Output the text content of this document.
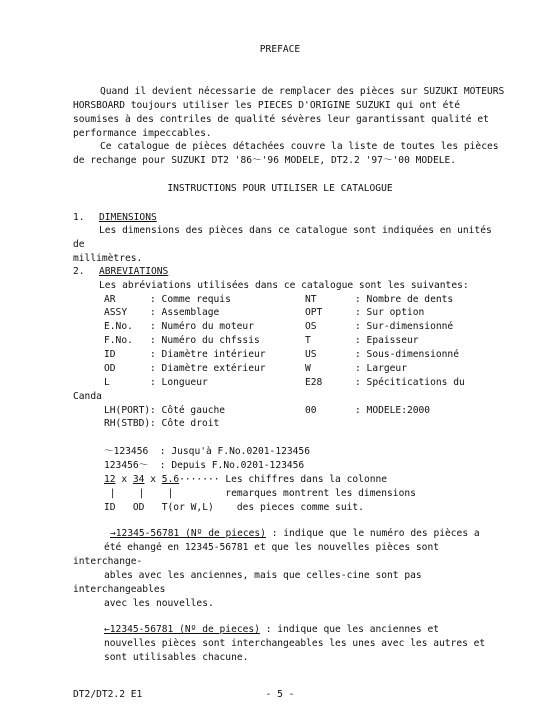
PREFACE
Quand il devient nécessarie de remplacer des pièces sur SUZUKI MOTEURS
HORSBOARD toujours utiliser les PIECES D'ORIGINE SUZUKI qui ont été
soumises à des contriles de qualité sévères leur garantissant qualité et
performance impeccables.
Ce catalogue de pièces détachées couvre la liste de toutes les pièces
de rechange pour SUZUKI DT2 '86～'96 MODELE, DT2.2 '97～'00 MODELE.
INSTRUCTIONS POUR UTILISER LE CATALOGUE
1. DIMENSIONS
Les dimensions des pièces dans ce catalogue sont indiquées en unités
de
millimètres.
2. ABREVIATIONS
Les abréviations utilisées dans ce catalogue sont les suivantes:
AR	: Comme requis	NT	: Nombre de dents
ASSY : Assemblage	OPT	: Sur option
E.No. : Numéro du moteur	OS	: Sur-dimensionné
F.No. : Numéro du chfssis	T	: Epaisseur
ID	: Diamètre intérieur	US	: Sous-dimensionné
OD	: Diamètre extérieur	W	: Largeur
L	: Longueur	E28	: Spécitications du
Canda
LH(PORT) : Côté gauche	00	: MODELE:2000
RH(STBD) : Côte droit
～123456  : Jusqu'à F.No.0201-123456
123456～  : Depuis F.No.0201-123456
12 x 34 x 5.6······· Les chiffres dans la colonne
|    |    |         remarques montrent les dimensions
ID   OD   T(or W,L)    des pieces comme suit.
→12345-56781 (Nº de pieces) : indique que le numéro des pièces a
été ehangé en 12345-56781 et que les nouvelles pièces sont
interchange-
ables avec les anciennes, mais que celles-cine sont pas
interchangeables
avec les nouvelles.
←12345-56781 (Nº de pieces) : indique que les anciennes et
nouvelles pièces sont interchangeables les unes avec les autres et
sont utilisables chacune.
DT2/DT2.2 E1	- 5 -
